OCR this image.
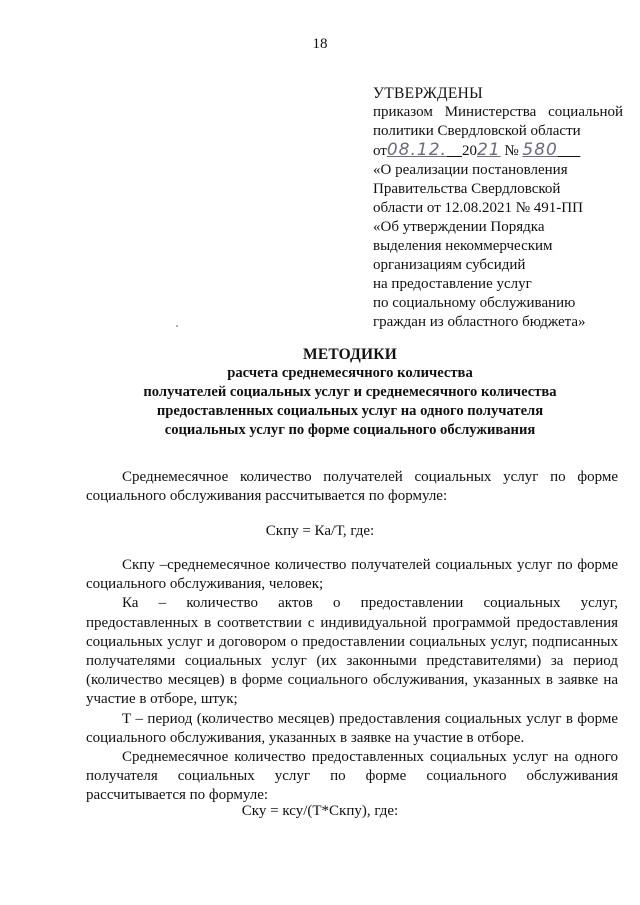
18
УТВЕРЖДЕНЫ
приказом Министерства социальной
политики Свердловской области
от08.12. 2021 № 580
«О реализации постановления
Правительства Свердловской
области от 12.08.2021 № 491-ПП
«Об утверждении Порядка
выделения некоммерческим
организациям субсидий
на предоставление услуг
по социальному обслуживанию
граждан из областного бюджета»
МЕТОДИКИ
расчета среднемесячного количества
получателей социальных услуг и среднемесячного количества
предоставленных социальных услуг на одного получателя
социальных услуг по форме социального обслуживания

Среднемесячное количество получателей социальных услуг по форме социального обслуживания рассчитывается по формуле:

Скпу = Ка/Т, где:

Скпу –среднемесячное количество получателей социальных услуг по форме социального обслуживания, человек;

Ка – количество актов о предоставлении социальных услуг, предоставленных в соответствии с индивидуальной программой предоставления социальных услуг и договором о предоставлении социальных услуг, подписанных получателями социальных услуг (их законными представителями) за период (количество месяцев) в форме социального обслуживания, указанных в заявке на участие в отборе, штук;

Т – период (количество месяцев) предоставления социальных услуг в форме социального обслуживания, указанных в заявке на участие в отборе.

Среднемесячное количество предоставленных социальных услуг на одного получателя социальных услуг по форме социального обслуживания рассчитывается по формуле:

Cку = ксу/(Т*Скпу), где:
